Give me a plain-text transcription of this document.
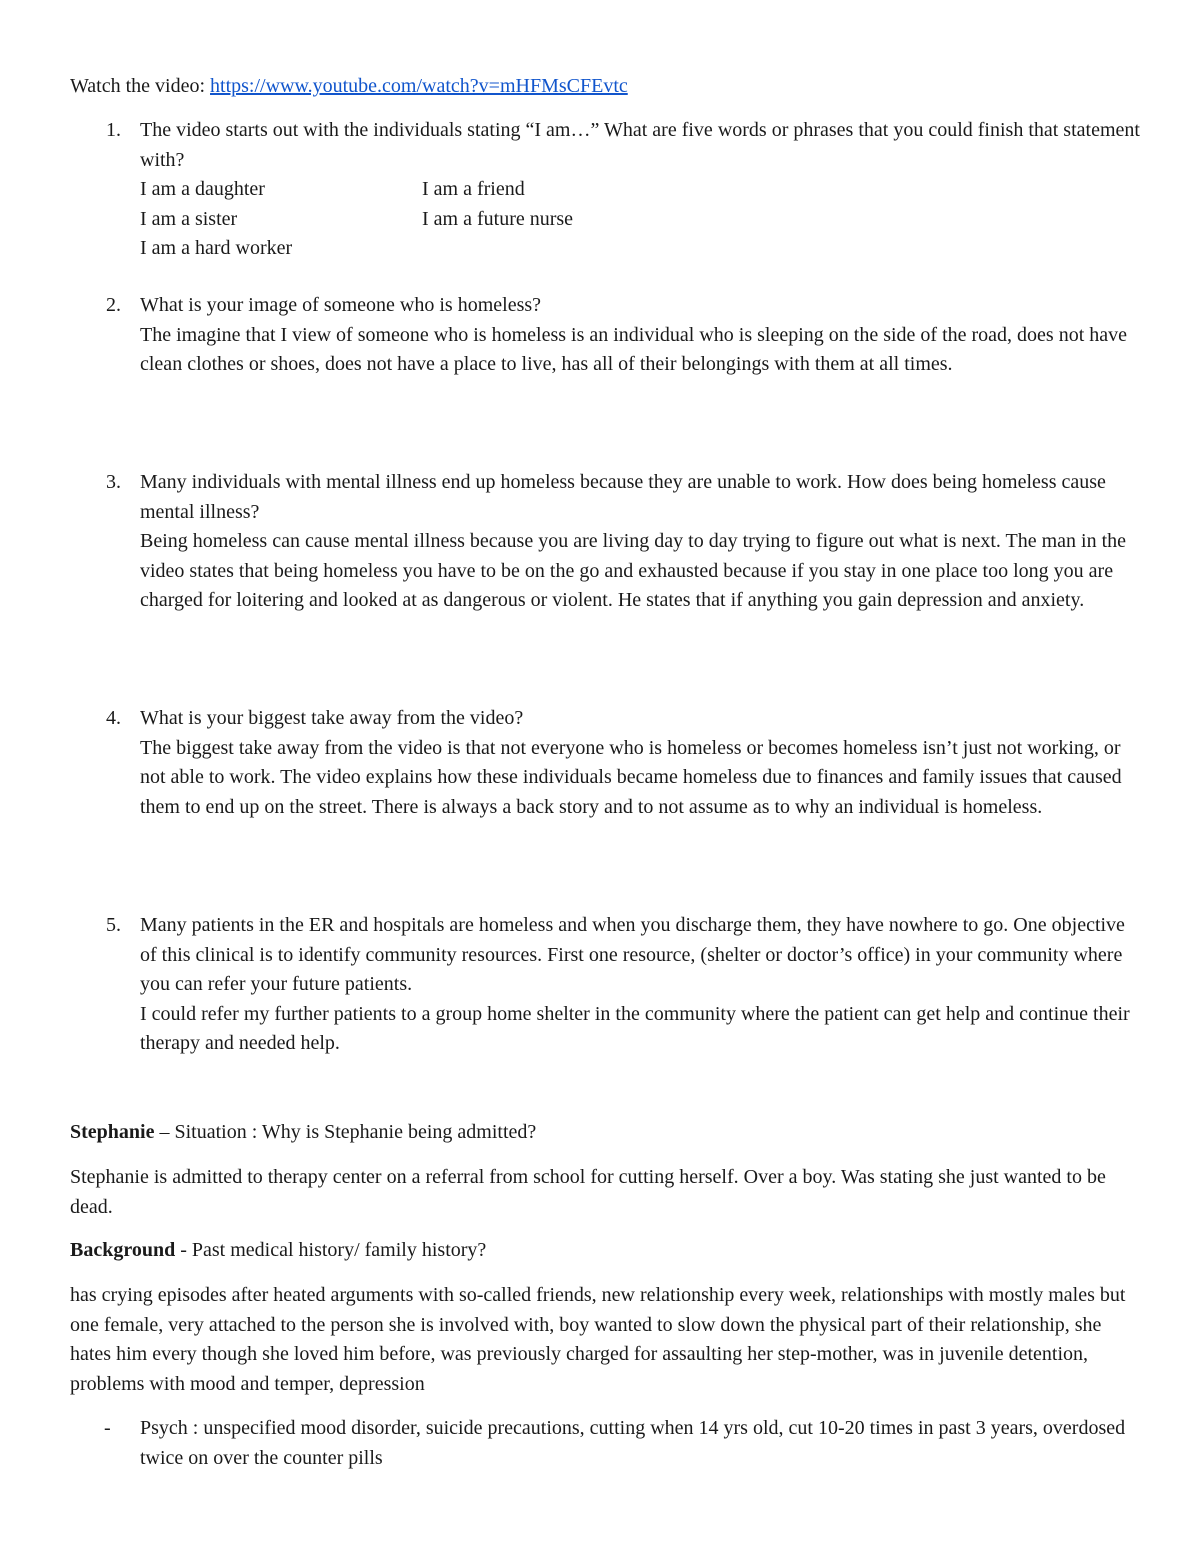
Watch the video: https://www.youtube.com/watch?v=mHFMsCFEvtc
1. The video starts out with the individuals stating “I am…” What are five words or phrases that you could finish that statement with?

I am a daughter

I am a sister

I am a hard worker

I am a friend

I am a future nurse

2. What is your image of someone who is homeless?
The imagine that I view of someone who is homeless is an individual who is sleeping on the side of the road, does not have clean clothes or shoes, does not have a place to live, has all of their belongings with them at all times.
3. Many individuals with mental illness end up homeless because they are unable to work. How does being homeless cause mental illness?
Being homeless can cause mental illness because you are living day to day trying to figure out what is next. The man in the video states that being homeless you have to be on the go and exhausted because if you stay in one place too long you are charged for loitering and looked at as dangerous or violent. He states that if anything you gain depression and anxiety.
4. What is your biggest take away from the video?
The biggest take away from the video is that not everyone who is homeless or becomes homeless isn’t just not working, or not able to work. The video explains how these individuals became homeless due to finances and family issues that caused them to end up on the street. There is always a back story and to not assume as to why an individual is homeless.
5. Many patients in the ER and hospitals are homeless and when you discharge them, they have nowhere to go. One objective of this clinical is to identify community resources. First one resource, (shelter or doctor’s office) in your community where you can refer your future patients.
I could refer my further patients to a group home shelter in the community where the patient can get help and continue their therapy and needed help.
Stephanie – Situation : Why is Stephanie being admitted?
Stephanie is admitted to therapy center on a referral from school for cutting herself. Over a boy. Was stating she just wanted to be dead.
Background - Past medical history/ family history?
has crying episodes after heated arguments with so-called friends, new relationship every week, relationships with mostly males but one female, very attached to the person she is involved with, boy wanted to slow down the physical part of their relationship, she hates him every though she loved him before, was previously charged for assaulting her step-mother, was in juvenile detention, problems with mood and temper, depression
- Psych : unspecified mood disorder, suicide precautions, cutting when 14 yrs old, cut 10-20 times in past 3 years, overdosed twice on over the counter pills
